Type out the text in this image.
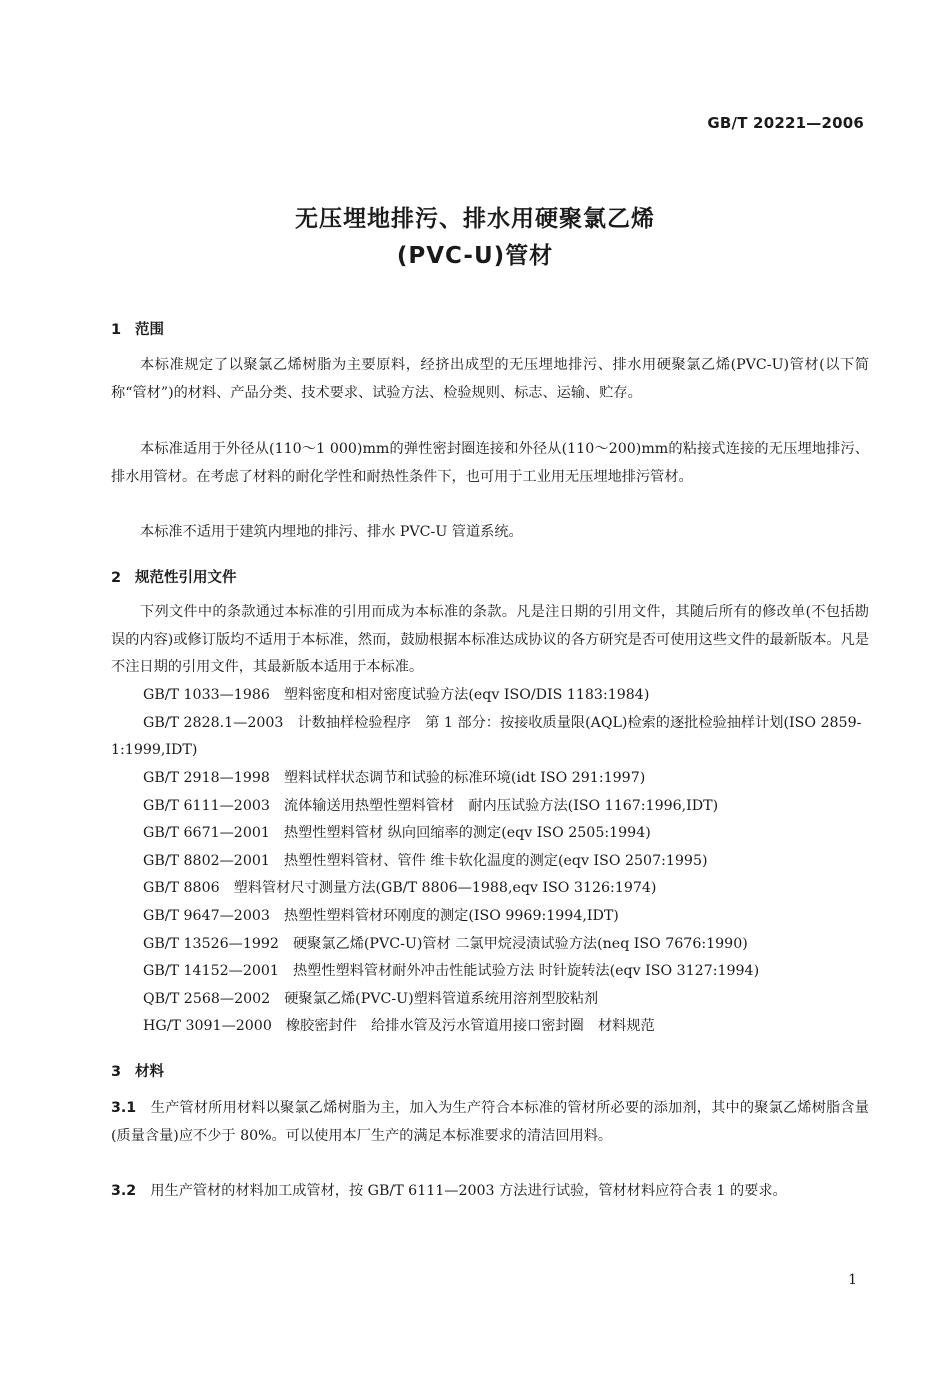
GB/T 20221—2006
无压埋地排污、排水用硬聚氯乙烯
(PVC-U)管材
1 范围
本标准规定了以聚氯乙烯树脂为主要原料，经挤出成型的无压埋地排污、排水用硬聚氯乙烯(PVC-U)管材(以下简称“管材”)的材料、产品分类、技术要求、试验方法、检验规则、标志、运输、贮存。
本标准适用于外径从(110～1 000)mm的弹性密封圈连接和外径从(110～200)mm的粘接式连接的无压埋地排污、排水用管材。在考虑了材料的耐化学性和耐热性条件下，也可用于工业用无压埋地排污管材。
本标准不适用于建筑内埋地的排污、排水 PVC-U 管道系统。
2 规范性引用文件
下列文件中的条款通过本标准的引用而成为本标准的条款。凡是注日期的引用文件，其随后所有的修改单(不包括勘误的内容)或修订版均不适用于本标准，然而，鼓励根据本标准达成协议的各方研究是否可使用这些文件的最新版本。凡是不注日期的引用文件，其最新版本适用于本标准。
GB/T 1033—1986 塑料密度和相对密度试验方法(eqv ISO/DIS 1183:1984)
GB/T 2828.1—2003 计数抽样检验程序　第 1 部分：按接收质量限(AQL)检索的逐批检验抽样计划(ISO 2859-1:1999,IDT)
GB/T 2918—1998 塑料试样状态调节和试验的标准环境(idt ISO 291:1997)
GB/T 6111—2003 流体输送用热塑性塑料管材　耐内压试验方法(ISO 1167:1996,IDT)
GB/T 6671—2001 热塑性塑料管材 纵向回缩率的测定(eqv ISO 2505:1994)
GB/T 8802—2001 热塑性塑料管材、管件 维卡软化温度的测定(eqv ISO 2507:1995)
GB/T 8806 塑料管材尺寸测量方法(GB/T 8806—1988,eqv ISO 3126:1974)
GB/T 9647—2003 热塑性塑料管材环刚度的测定(ISO 9969:1994,IDT)
GB/T 13526—1992 硬聚氯乙烯(PVC-U)管材 二氯甲烷浸渍试验方法(neq ISO 7676:1990)
GB/T 14152—2001 热塑性塑料管材耐外冲击性能试验方法 时针旋转法(eqv ISO 3127:1994)
QB/T 2568—2002 硬聚氯乙烯(PVC-U)塑料管道系统用溶剂型胶粘剂
HG/T 3091—2000 橡胶密封件　给排水管及污水管道用接口密封圈　材料规范
3 材料
3.1　 生产管材所用材料以聚氯乙烯树脂为主，加入为生产符合本标准的管材所必要的添加剂，其中的聚氯乙烯树脂含量(质量含量)应不少于 80%。可以使用本厂生产的满足本标准要求的清洁回用料。
3.2　 用生产管材的材料加工成管材，按 GB/T 6111—2003 方法进行试验，管材材料应符合表 1 的要求。
1
